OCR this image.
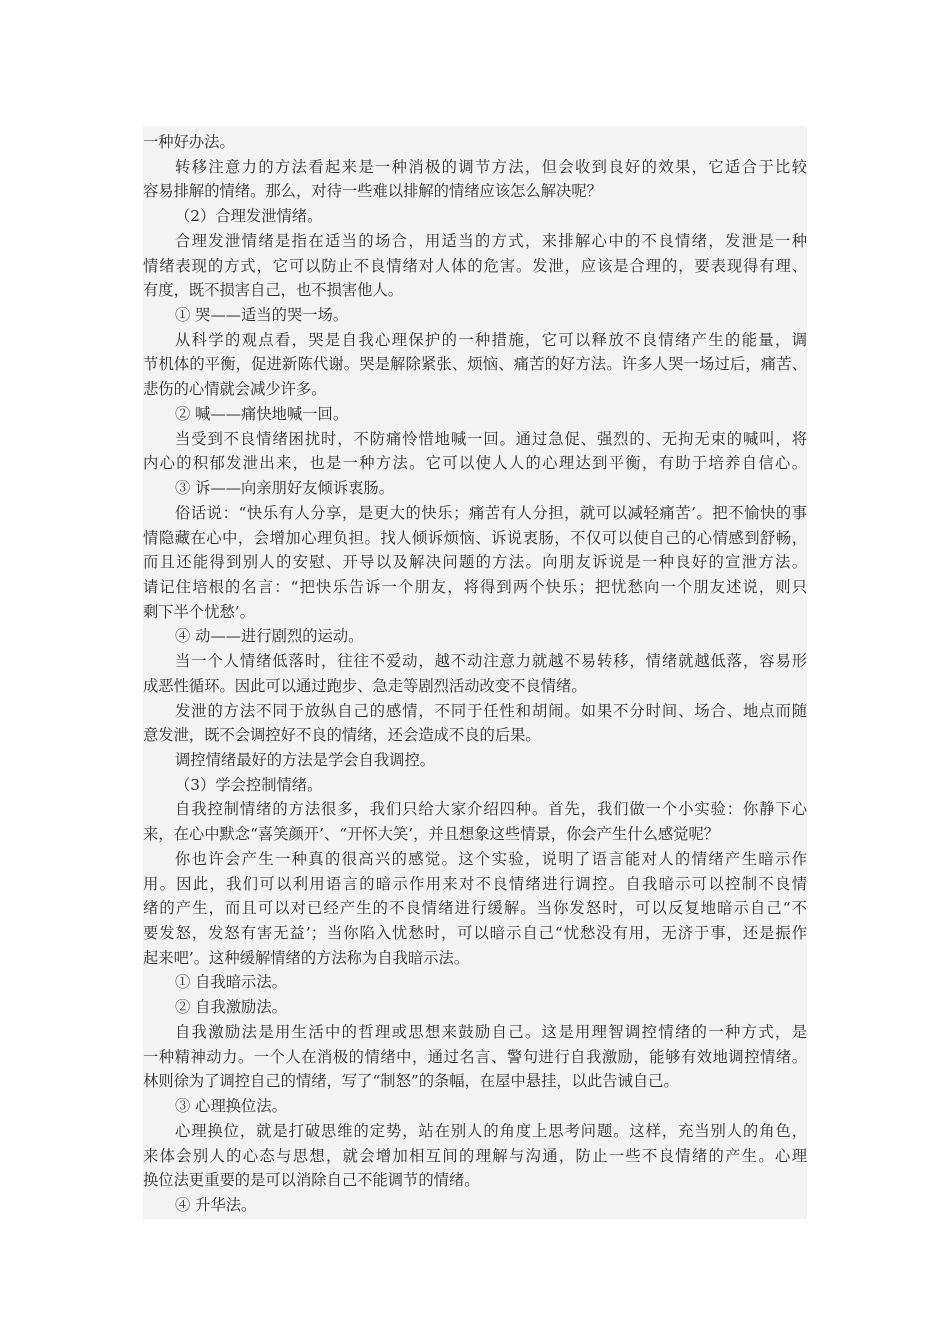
一种好办法。
转移注意力的方法看起来是一种消极的调节方法，但会收到良好的效果，它适合于比较
容易排解的情绪。那么，对待一些难以排解的情绪应该怎么解决呢？
（2）合理发泄情绪。
合理发泄情绪是指在适当的场合，用适当的方式，来排解心中的不良情绪，发泄是一种
情绪表现的方式，它可以防止不良情绪对人体的危害。发泄，应该是合理的，要表现得有理、
有度，既不损害自己，也不损害他人。
① 哭——适当的哭一场。
从科学的观点看，哭是自我心理保护的一种措施，它可以释放不良情绪产生的能量，调
节机体的平衡，促进新陈代谢。哭是解除紧张、烦恼、痛苦的好方法。许多人哭一场过后，痛苦、
悲伤的心情就会减少许多。
② 喊——痛快地喊一回。
当受到不良情绪困扰时，不防痛怜惜地喊一回。通过急促、强烈的、无拘无束的喊叫，将
内心的积郁发泄出来，也是一种方法。它可以使人人的心理达到平衡，有助于培养自信心。
③ 诉——向亲朋好友倾诉衷肠。
俗话说：“快乐有人分享，是更大的快乐；痛苦有人分担，就可以减轻痛苦’。把不愉快的事
情隐藏在心中，会增加心理负担。找人倾诉烦恼、诉说衷肠，不仅可以使自己的心情感到舒畅，
而且还能得到别人的安慰、开导以及解决问题的方法。向朋友诉说是一种良好的宣泄方法。
请记住培根的名言：“把快乐告诉一个朋友，将得到两个快乐；把忧愁向一个朋友述说，则只
剩下半个忧愁’。
④ 动——进行剧烈的运动。
当一个人情绪低落时，往往不爱动，越不动注意力就越不易转移，情绪就越低落，容易形
成恶性循环。因此可以通过跑步、急走等剧烈活动改变不良情绪。
发泄的方法不同于放纵自己的感情，不同于任性和胡闹。如果不分时间、场合、地点而随
意发泄，既不会调控好不良的情绪，还会造成不良的后果。
调控情绪最好的方法是学会自我调控。
（3）学会控制情绪。
自我控制情绪的方法很多，我们只给大家介绍四种。首先，我们做一个小实验：你静下心
来，在心中默念“喜笑颜开’、“开怀大笑’，并且想象这些情景，你会产生什么感觉呢？
你也许会产生一种真的很高兴的感觉。这个实验，说明了语言能对人的情绪产生暗示作
用。因此，我们可以利用语言的暗示作用来对不良情绪进行调控。自我暗示可以控制不良情
绪的产生，而且可以对已经产生的不良情绪进行缓解。当你发怒时，可以反复地暗示自己“不
要发怒，发怒有害无益’；当你陷入忧愁时，可以暗示自己“忧愁没有用，无济于事，还是振作
起来吧’。这种缓解情绪的方法称为自我暗示法。
① 自我暗示法。
② 自我激励法。
自我激励法是用生活中的哲理或思想来鼓励自己。这是用理智调控情绪的一种方式，是
一种精神动力。一个人在消极的情绪中，通过名言、警句进行自我激励，能够有效地调控情绪。
林则徐为了调控自己的情绪，写了“制怒”的条幅，在屋中悬挂，以此告诫自己。
③ 心理换位法。
心理换位，就是打破思维的定势，站在别人的角度上思考问题。这样，充当别人的角色，
来体会别人的心态与思想，就会增加相互间的理解与沟通，防止一些不良情绪的产生。心理
换位法更重要的是可以消除自己不能调节的情绪。
④ 升华法。
